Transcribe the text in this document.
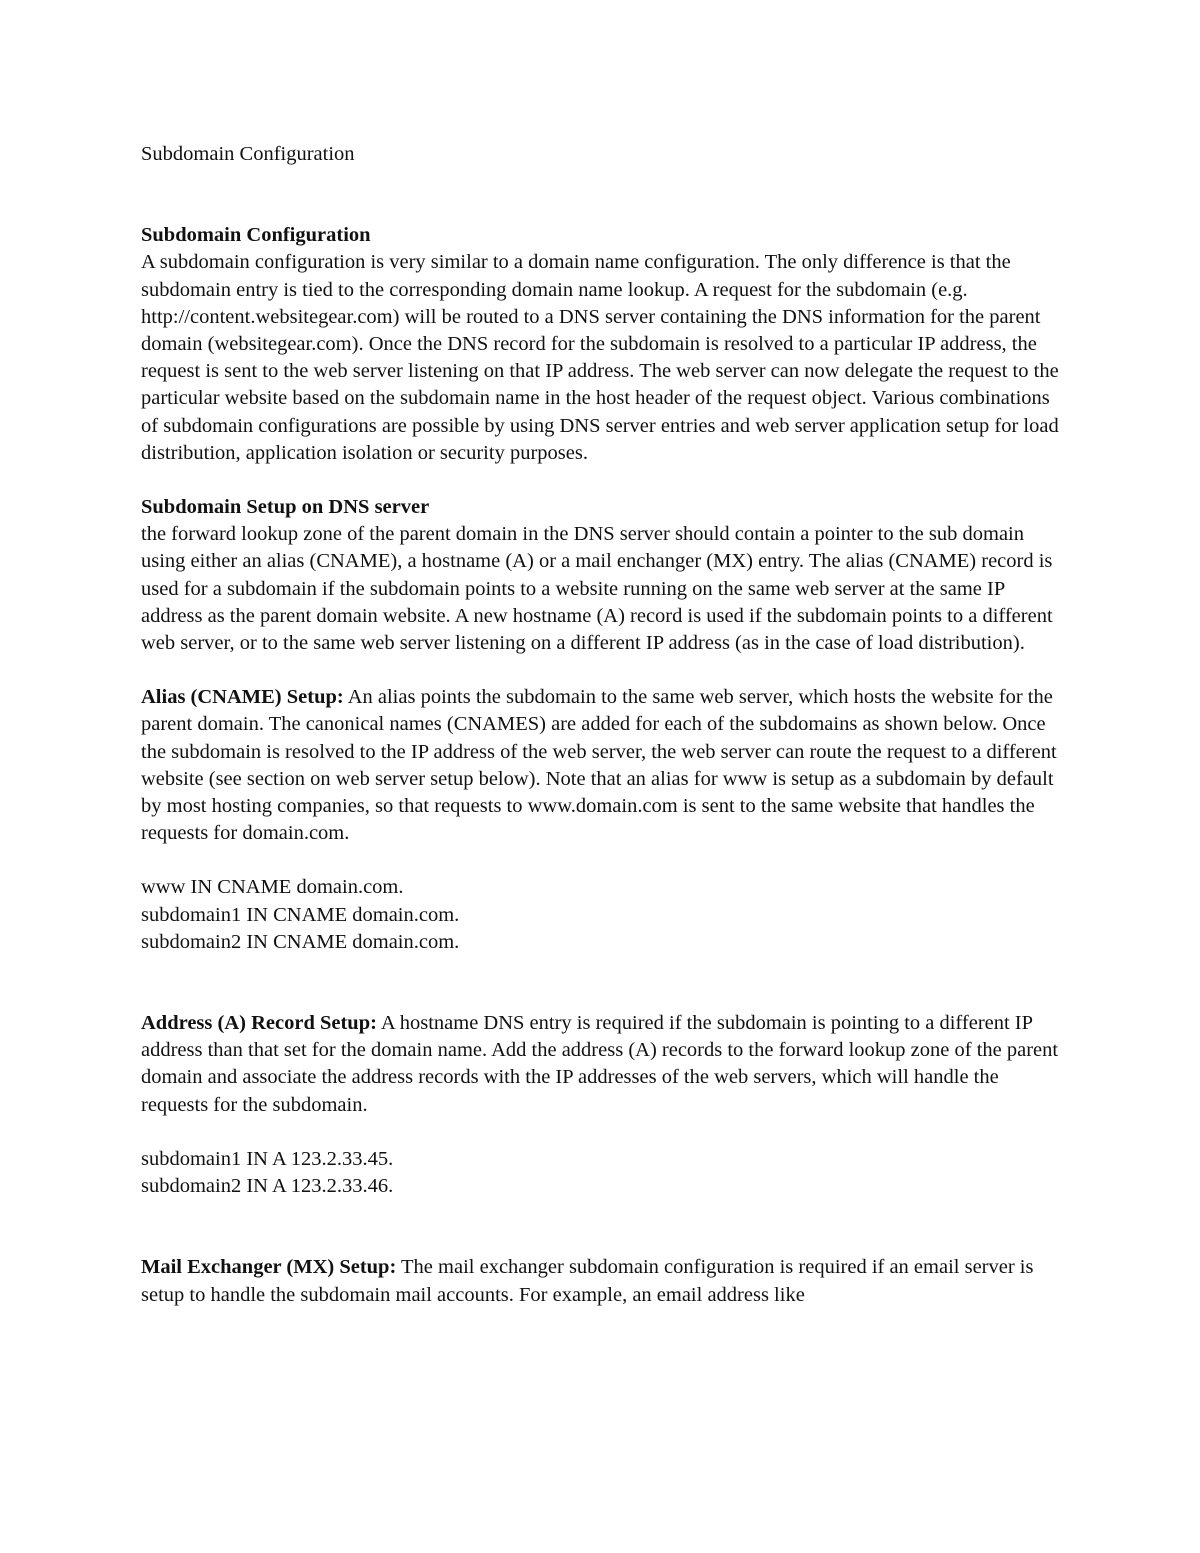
Subdomain Configuration

Subdomain Configuration

A subdomain configuration is very similar to a domain name configuration. The only difference is that the subdomain entry is tied to the corresponding domain name lookup. A request for the subdomain (e.g. http://content.websitegear.com) will be routed to a DNS server containing the DNS information for the parent domain (websitegear.com). Once the DNS record for the subdomain is resolved to a particular IP address, the request is sent to the web server listening on that IP address. The web server can now delegate the request to the particular website based on the subdomain name in the host header of the request object. Various combinations of subdomain configurations are possible by using DNS server entries and web server application setup for load distribution, application isolation or security purposes.

Subdomain Setup on DNS server

the forward lookup zone of the parent domain in the DNS server should contain a pointer to the sub domain using either an alias (CNAME), a hostname (A) or a mail enchanger (MX) entry. The alias (CNAME) record is used for a subdomain if the subdomain points to a website running on the same web server at the same IP address as the parent domain website. A new hostname (A) record is used if the subdomain points to a different web server, or to the same web server listening on a different IP address (as in the case of load distribution).

Alias (CNAME) Setup: An alias points the subdomain to the same web server, which hosts the website for the parent domain. The canonical names (CNAMES) are added for each of the subdomains as shown below. Once the subdomain is resolved to the IP address of the web server, the web server can route the request to a different website (see section on web server setup below). Note that an alias for www is setup as a subdomain by default by most hosting companies, so that requests to www.domain.com is sent to the same website that handles the requests for domain.com.

www IN CNAME domain.com.
subdomain1 IN CNAME domain.com.
subdomain2 IN CNAME domain.com.

Address (A) Record Setup: A hostname DNS entry is required if the subdomain is pointing to a different IP address than that set for the domain name. Add the address (A) records to the forward lookup zone of the parent domain and associate the address records with the IP addresses of the web servers, which will handle the requests for the subdomain.

subdomain1 IN A 123.2.33.45.
subdomain2 IN A 123.2.33.46.

Mail Exchanger (MX) Setup: The mail exchanger subdomain configuration is required if an email server is setup to handle the subdomain mail accounts. For example, an email address like
